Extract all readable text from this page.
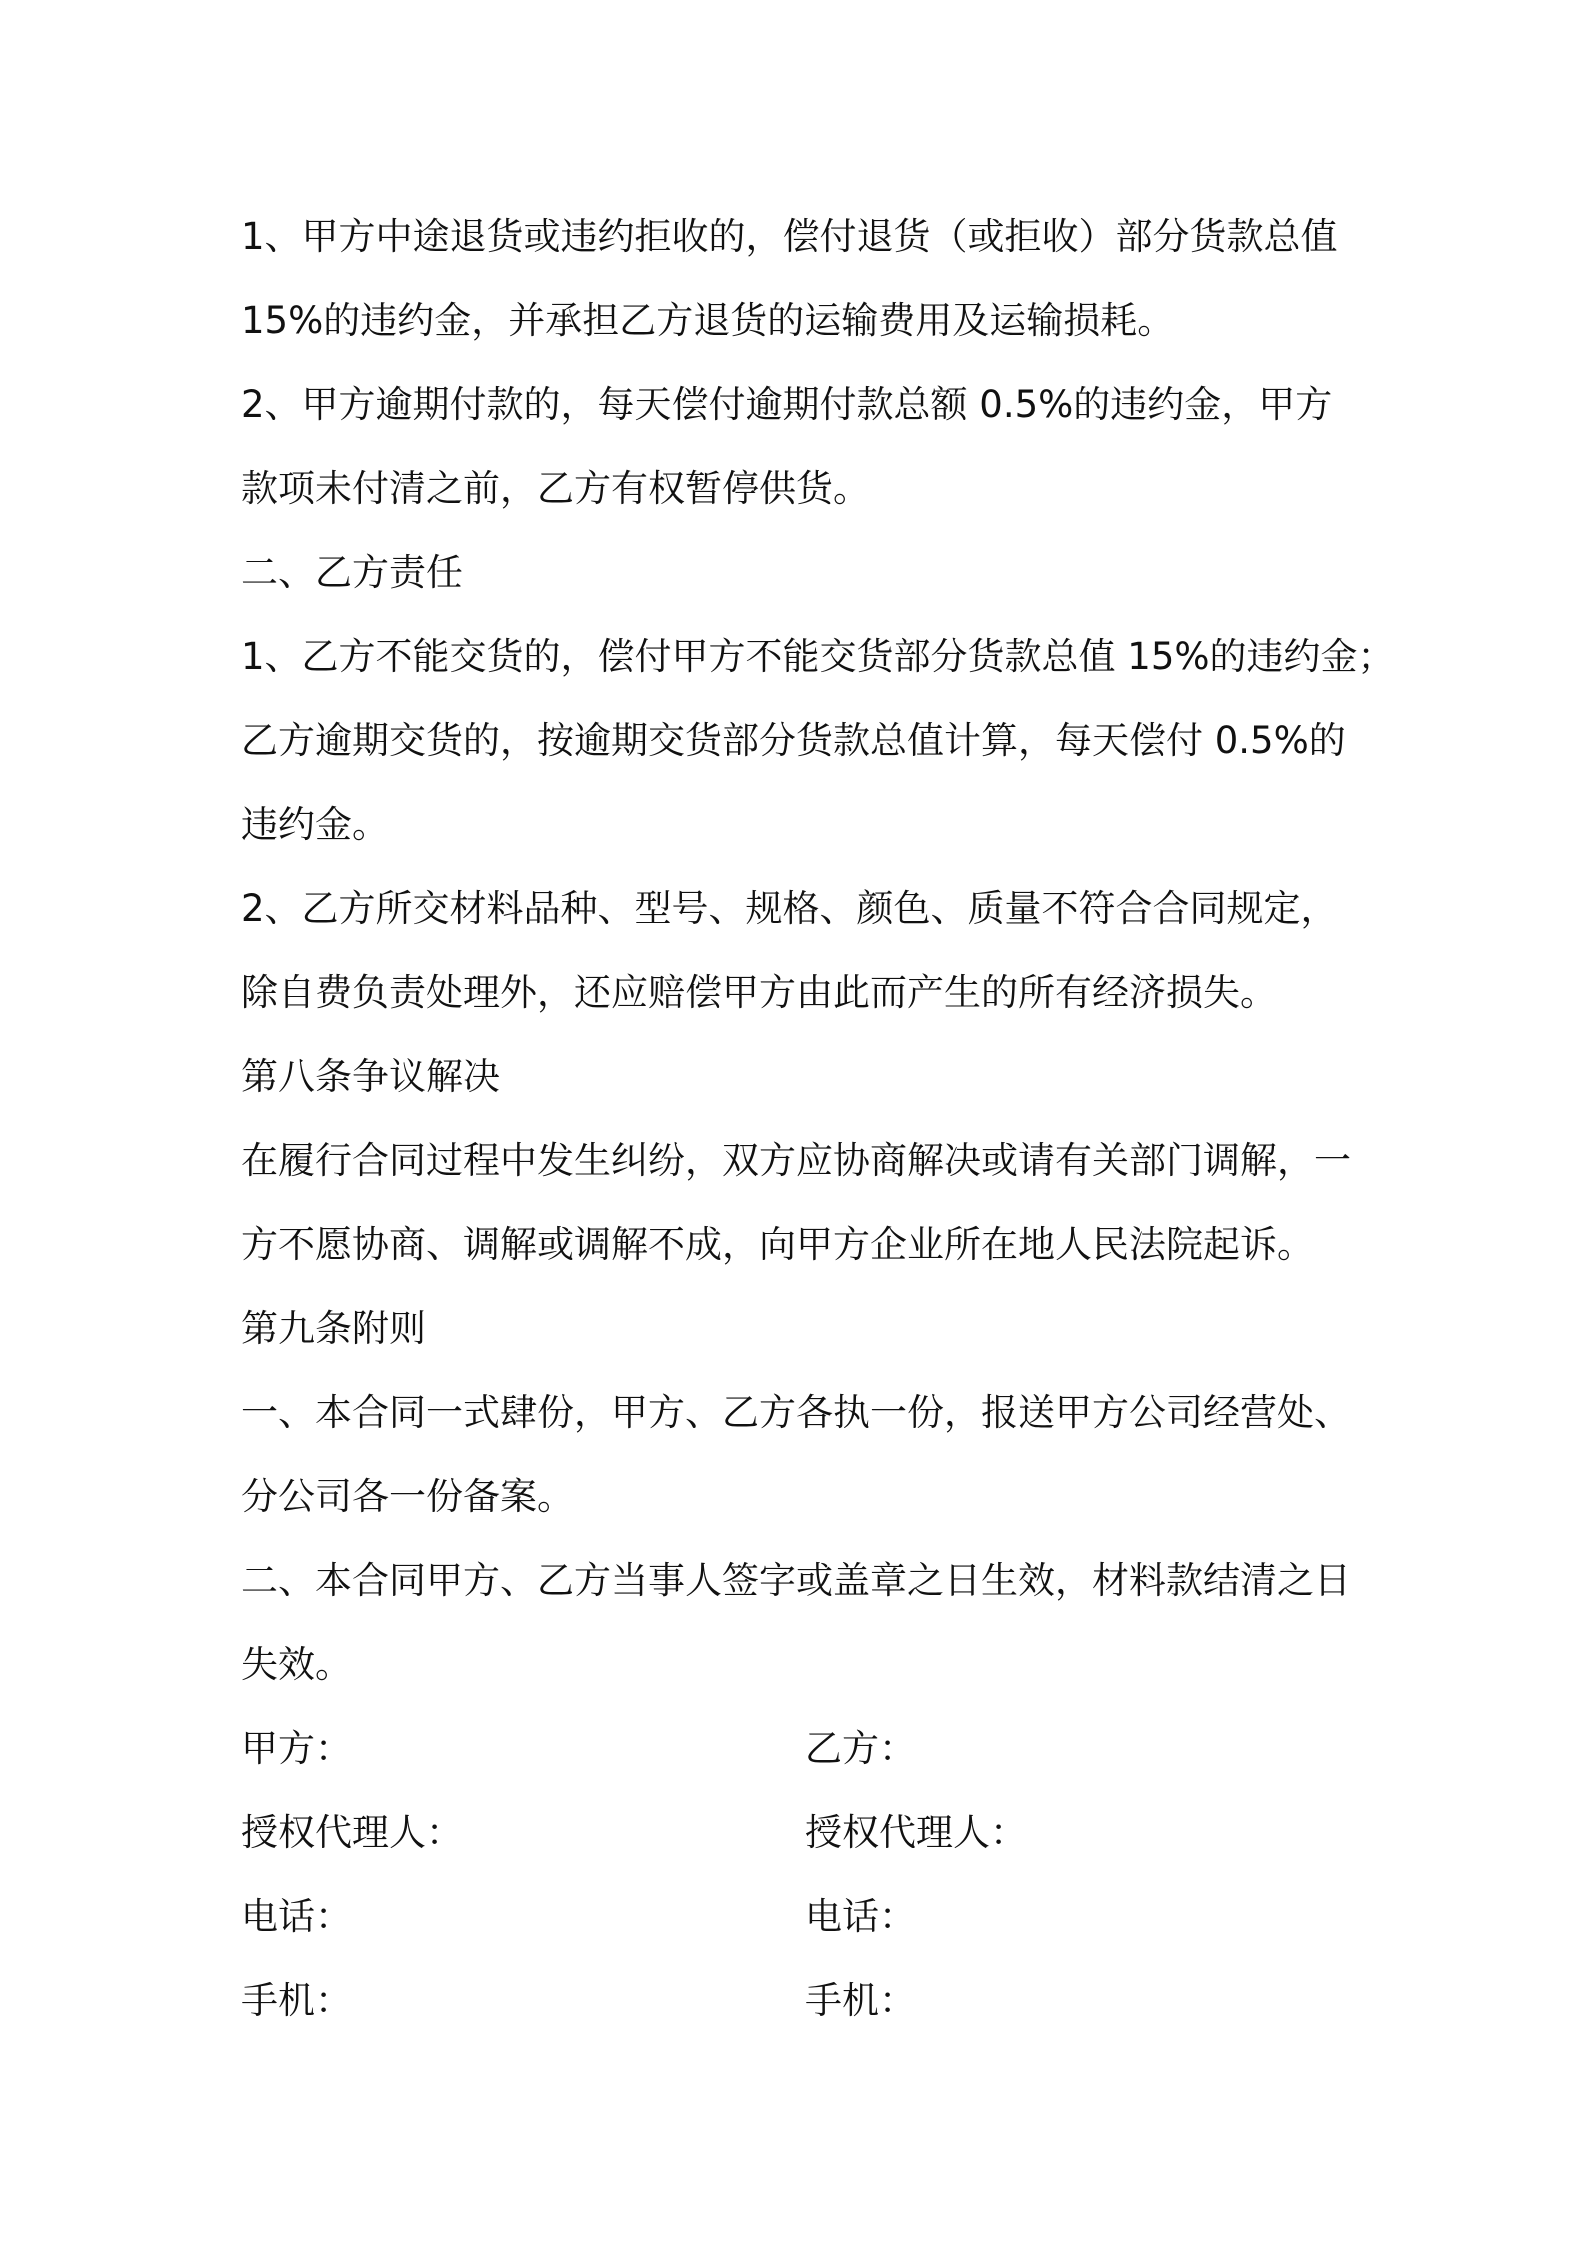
1、甲方中途退货或违约拒收的，偿付退货（或拒收）部分货款总值
15%的违约金，并承担乙方退货的运输费用及运输损耗。
2、甲方逾期付款的，每天偿付逾期付款总额 0.5%的违约金，甲方
款项未付清之前，乙方有权暂停供货。
二、乙方责任
1、乙方不能交货的，偿付甲方不能交货部分货款总值 15%的违约金；
乙方逾期交货的，按逾期交货部分货款总值计算，每天偿付 0.5%的
违约金。
2、乙方所交材料品种、型号、规格、颜色、质量不符合合同规定，
除自费负责处理外，还应赔偿甲方由此而产生的所有经济损失。
第八条争议解决
在履行合同过程中发生纠纷，双方应协商解决或请有关部门调解，一
方不愿协商、调解或调解不成，向甲方企业所在地人民法院起诉。
第九条附则
一、本合同一式肆份，甲方、乙方各执一份，报送甲方公司经营处、
分公司各一份备案。
二、本合同甲方、乙方当事人签字或盖章之日生效，材料款结清之日
失效。
甲方：	乙方：
授权代理人：	授权代理人：
电话：	电话：
手机：	手机：
